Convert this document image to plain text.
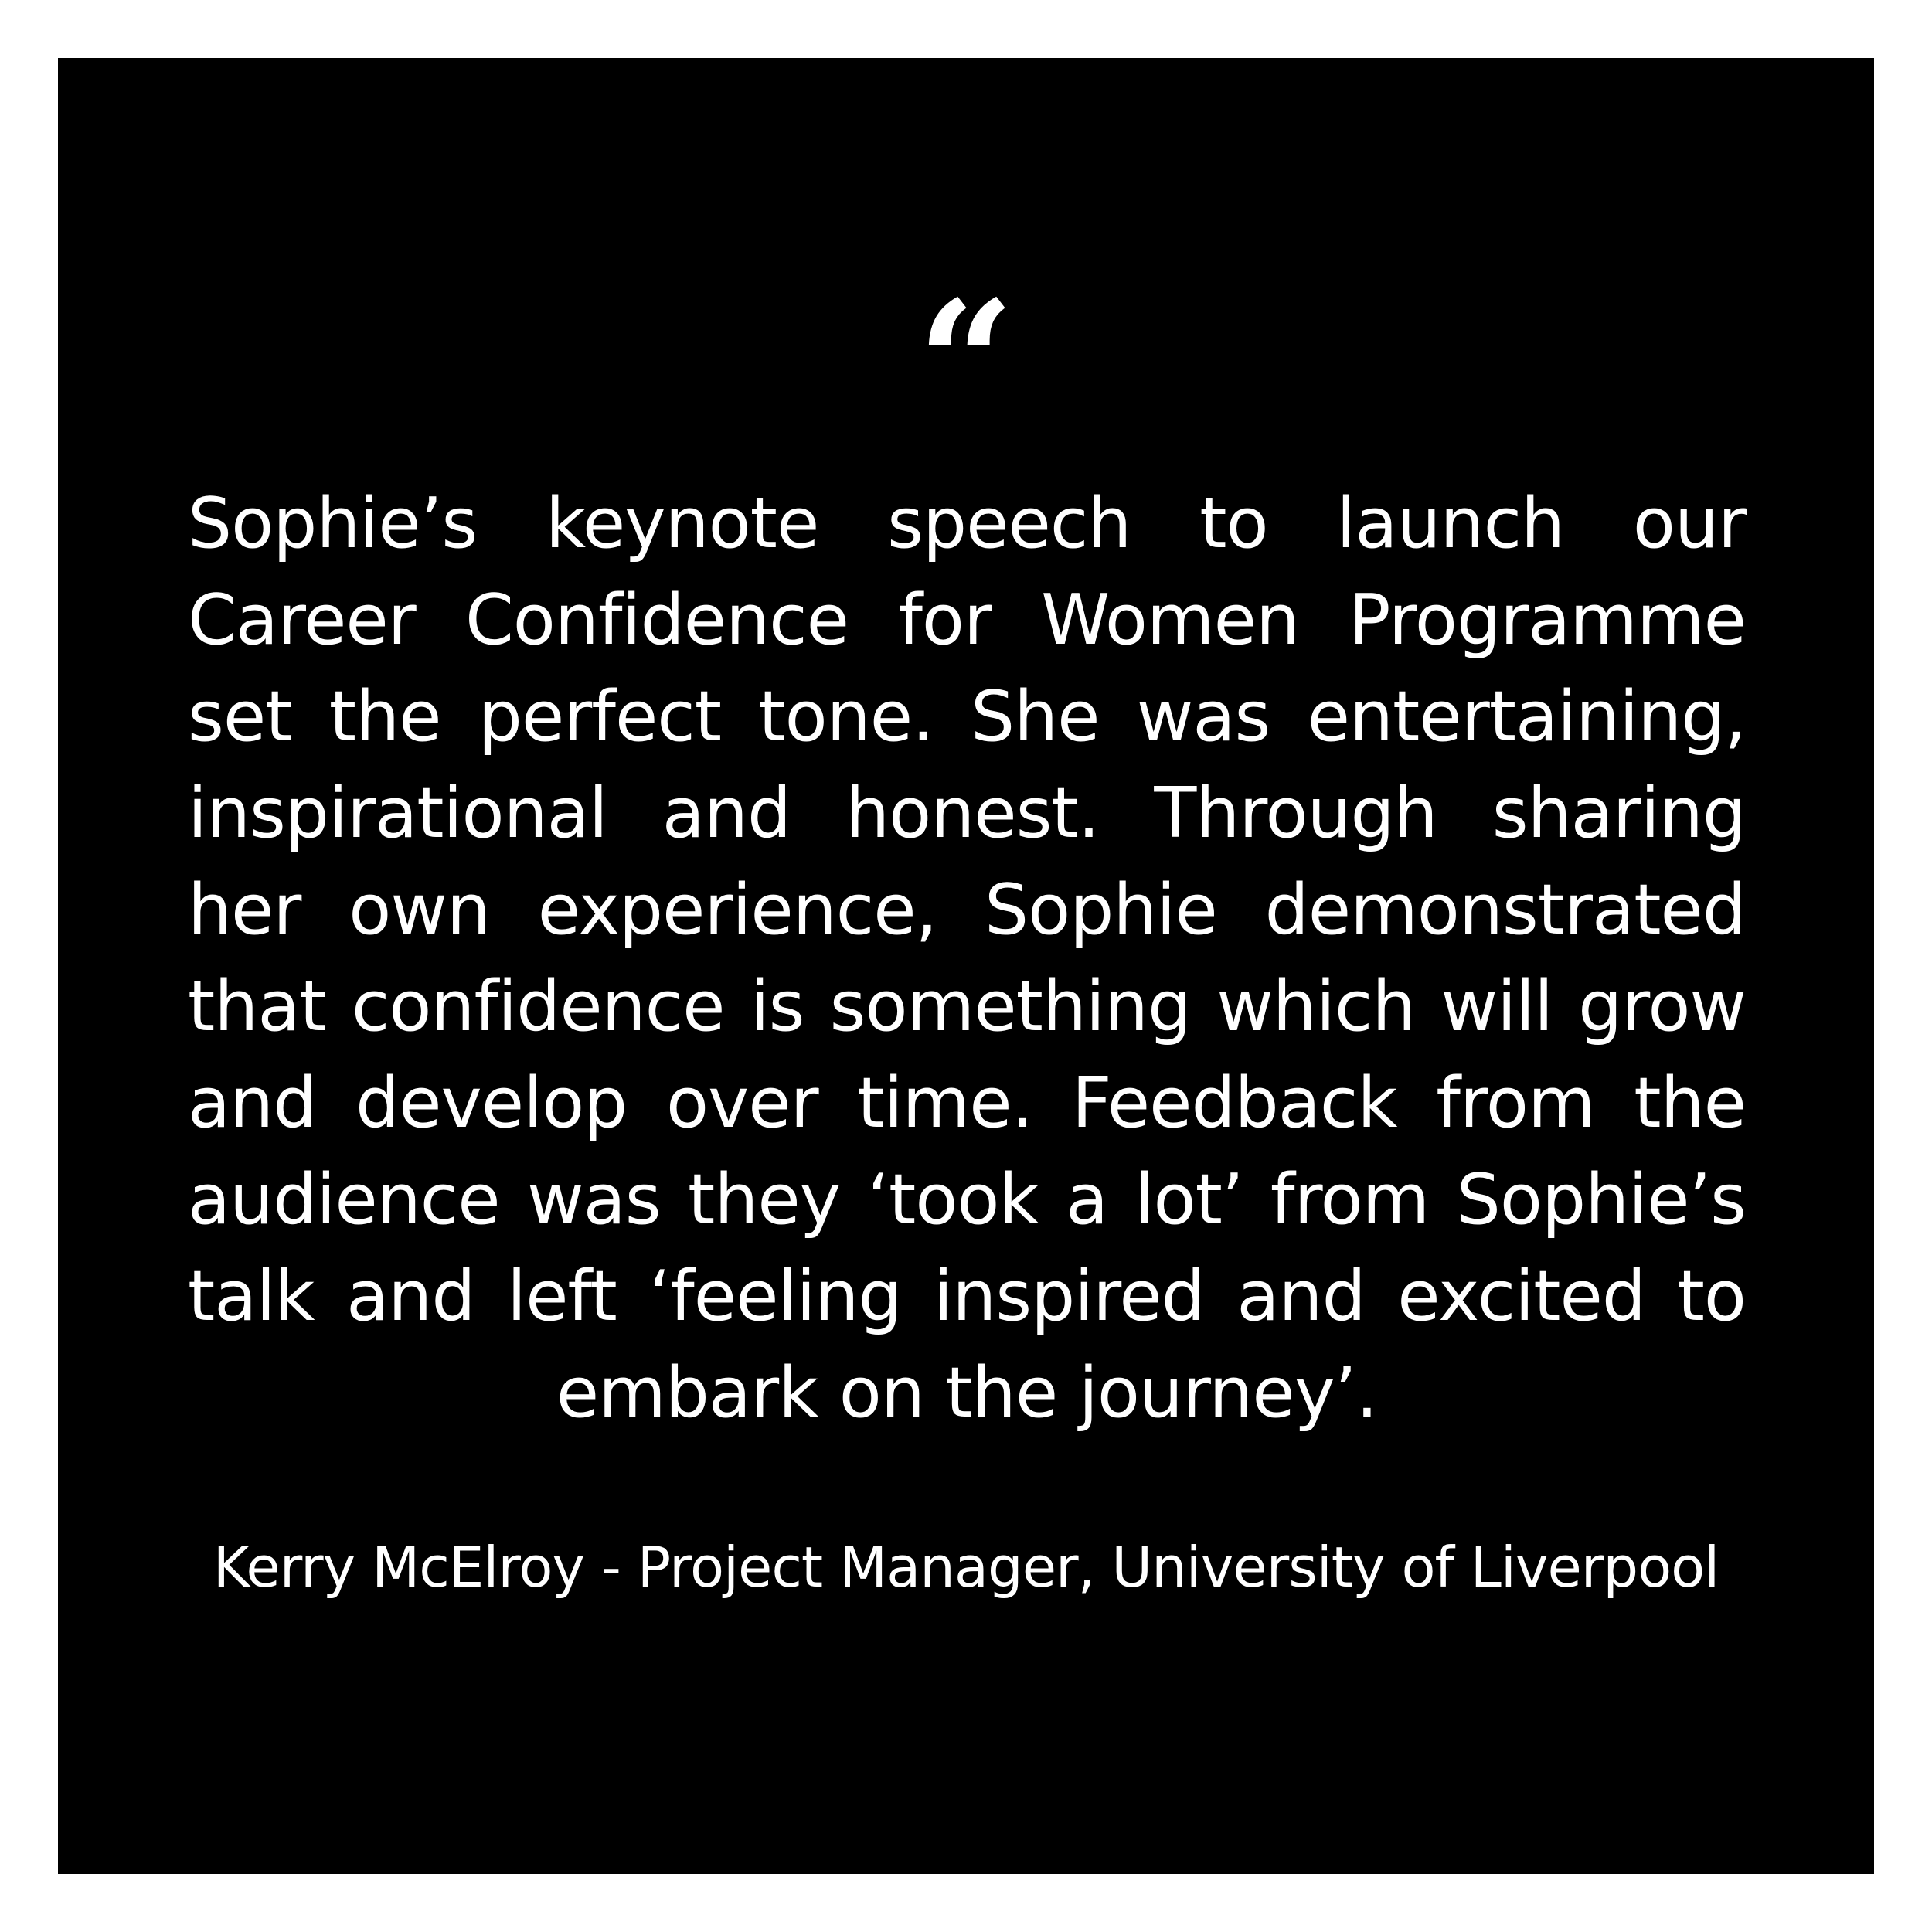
“

Sophie’s keynote speech to launch our Career Confidence for Women Programme set the perfect tone. She was entertaining, inspirational and honest. Through sharing her own experience, Sophie demonstrated that confidence is something which will grow and develop over time. Feedback from the audience was they ‘took a lot’ from Sophie’s talk and left ‘feeling inspired and excited to embark on the journey’.

Kerry McElroy - Project Manager, University of Liverpool
